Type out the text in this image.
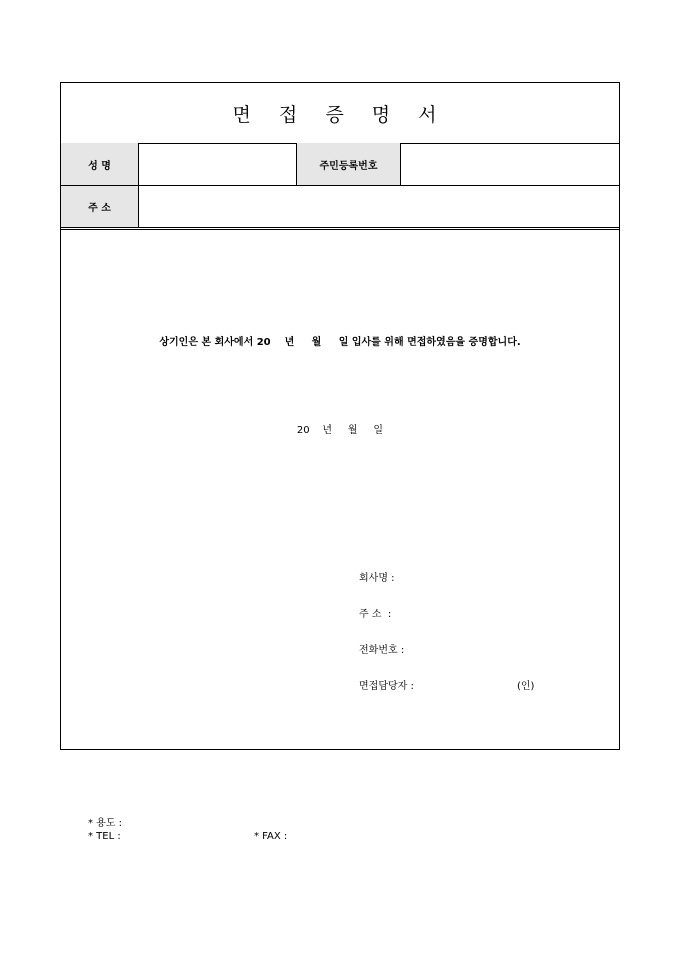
면 접 증 명 서
성 명	주민등록번호
주 소
상기인은 본 회사에서 20    년     월     일 입사를 위해 면접하였음을 증명합니다.
20    년     월     일
회사명 :
주 소  :
전화번호 :
면접담당자 :	(인)
* 용도 :
* TEL :	* FAX :
